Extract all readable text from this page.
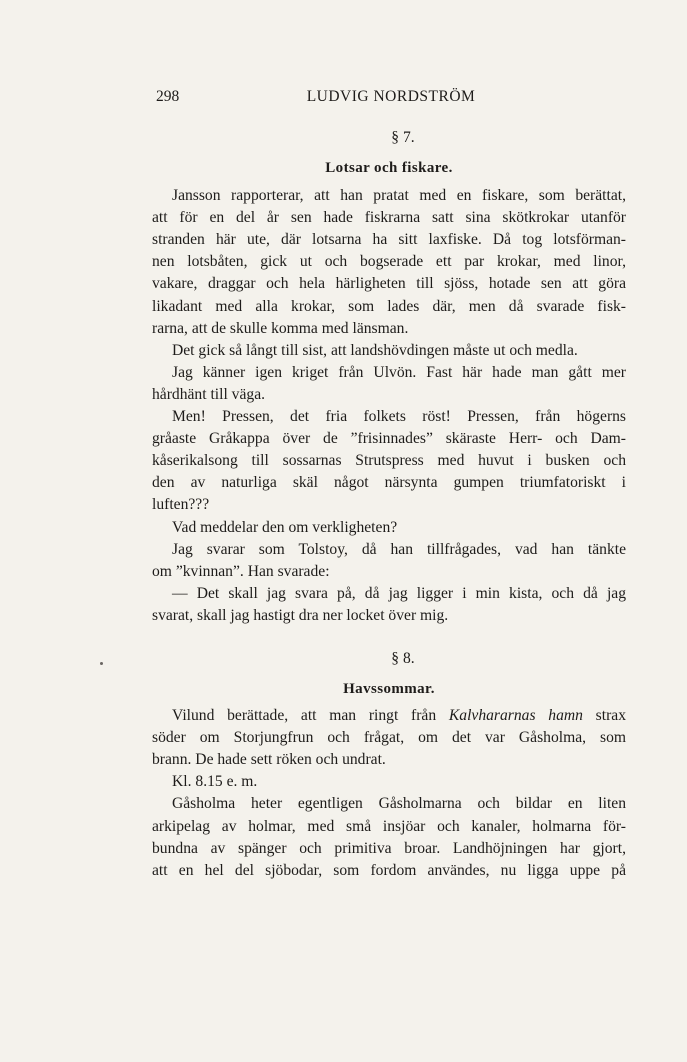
298	LUDVIG NORDSTRÖM
§ 7.
Lotsar och fiskare.
Jansson rapporterar, att han pratat med en fiskare, som berättat,
att för en del år sen hade fiskrarna satt sina skötkrokar utanför
stranden här ute, där lotsarna ha sitt laxfiske. Då tog lotsförman-
nen lotsbåten, gick ut och bogserade ett par krokar, med linor,
vakare, draggar och hela härligheten till sjöss, hotade sen att göra
likadant med alla krokar, som lades där, men då svarade fisk-
rarna, att de skulle komma med länsman.
Det gick så långt till sist, att landshövdingen måste ut och medla.
Jag känner igen kriget från Ulvön. Fast här hade man gått mer
hårdhänt till väga.
Men! Pressen, det fria folkets röst! Pressen, från högerns
gråaste Gråkappa över de ”frisinnades” skäraste Herr- och Dam-
kåserikalsong till sossarnas Strutspress med huvut i busken och
den av naturliga skäl något närsynta gumpen triumfatoriskt i
luften???
Vad meddelar den om verkligheten?
Jag svarar som Tolstoy, då han tillfrågades, vad han tänkte
om ”kvinnan”. Han svarade:
— Det skall jag svara på, då jag ligger i min kista, och då jag
svarat, skall jag hastigt dra ner locket över mig.
§ 8.
Havssommar.
Vilund berättade, att man ringt från Kalvhararnas hamn strax
söder om Storjungfrun och frågat, om det var Gåsholma, som
brann. De hade sett röken och undrat.
Kl. 8.15 e. m.
Gåsholma heter egentligen Gåsholmarna och bildar en liten
arkipelag av holmar, med små insjöar och kanaler, holmarna för-
bundna av spänger och primitiva broar. Landhöjningen har gjort,
att en hel del sjöbodar, som fordom användes, nu ligga uppe på
